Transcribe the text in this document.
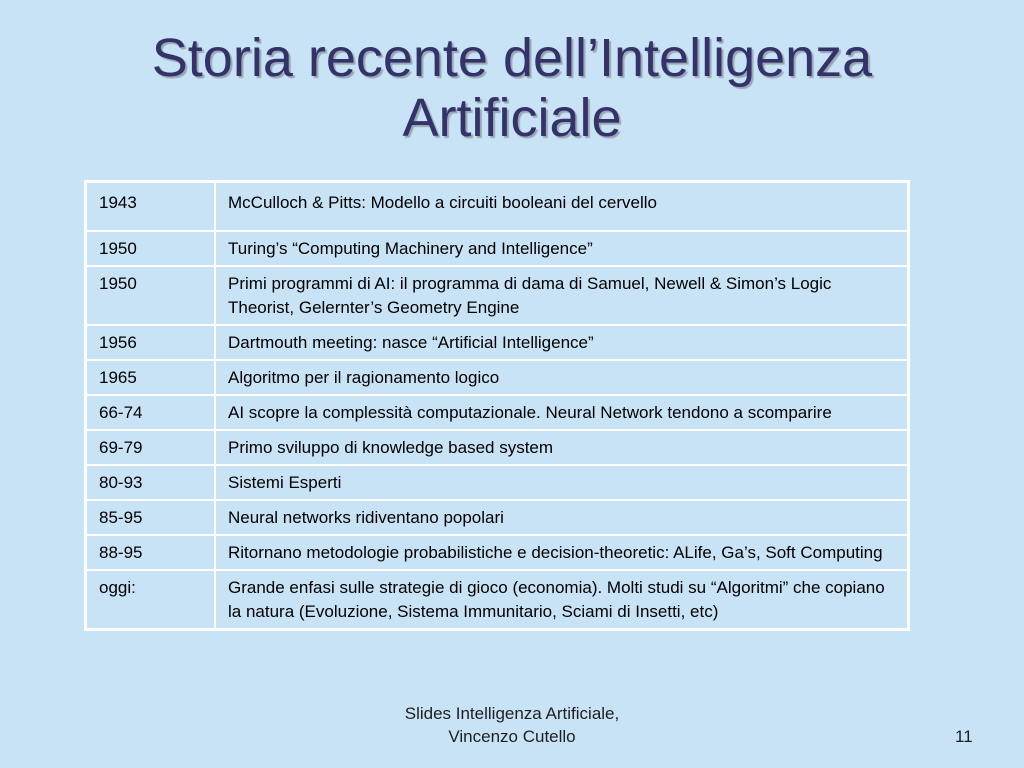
Storia recente dell’Intelligenza
Artificiale
1943	McCulloch & Pitts: Modello a circuiti booleani del cervello
1950	Turing’s “Computing Machinery and Intelligence”
1950	Primi programmi di AI: il programma di dama di Samuel, Newell & Simon’s Logic Theorist, Gelernter’s Geometry Engine
1956	Dartmouth meeting: nasce “Artificial Intelligence”
1965	Algoritmo per il ragionamento logico
66-74	AI scopre la complessità computazionale. Neural Network tendono a scomparire
69-79	Primo sviluppo di knowledge based system
80-93	Sistemi Esperti
85-95	Neural networks ridiventano popolari
88-95	Ritornano metodologie probabilistiche e decision-theoretic: ALife, Ga’s, Soft Computing
oggi:	Grande enfasi sulle strategie di gioco (economia). Molti studi su “Algoritmi” che copiano la natura (Evoluzione, Sistema Immunitario, Sciami di Insetti, etc)
Slides Intelligenza Artificiale,
Vincenzo Cutello	11
